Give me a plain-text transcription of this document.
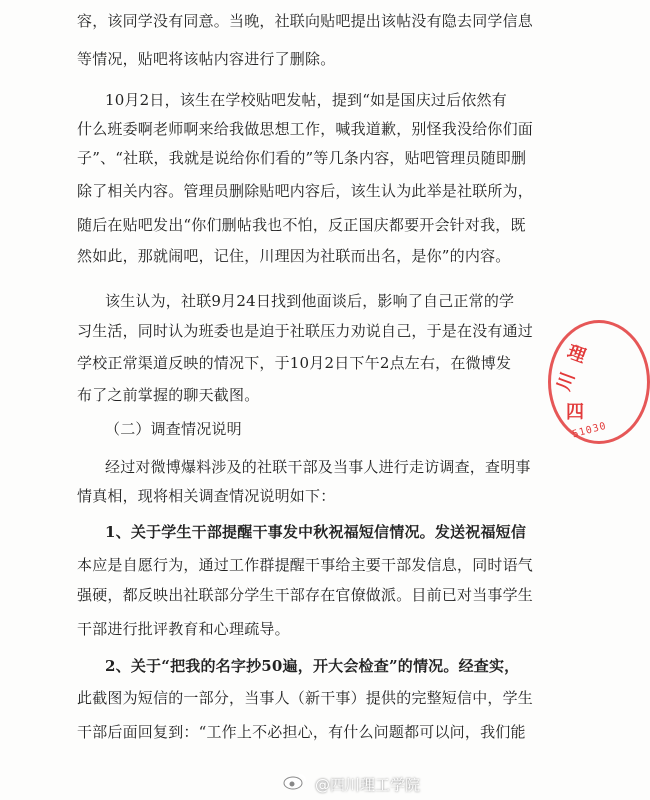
容，该同学没有同意。当晚，社联向贴吧提出该帖没有隐去同学信息
等情况，贴吧将该帖内容进行了删除。
10月2日，该生在学校贴吧发帖，提到“如是国庆过后依然有
什么班委啊老师啊来给我做思想工作，喊我道歉，别怪我没给你们面
子”、“社联，我就是说给你们看的”等几条内容，贴吧管理员随即删
除了相关内容。管理员删除贴吧内容后，该生认为此举是社联所为，
随后在贴吧发出“你们删帖我也不怕，反正国庆都要开会针对我，既
然如此，那就闹吧，记住，川理因为社联而出名，是你”的内容。
该生认为，社联9月24日找到他面谈后，影响了自己正常的学
习生活，同时认为班委也是迫于社联压力劝说自己，于是在没有通过
学校正常渠道反映的情况下，于10月2日下午2点左右，在微博发
布了之前掌握的聊天截图。
（二）调查情况说明
经过对微博爆料涉及的社联干部及当事人进行走访调查，查明事
情真相，现将相关调查情况说明如下：
1、关于学生干部提醒干事发中秋祝福短信情况。发送祝福短信
本应是自愿行为，通过工作群提醒干事给主要干部发信息，同时语气
强硬，都反映出社联部分学生干部存在官僚做派。目前已对当事学生
干部进行批评教育和心理疏导。
2、关于“把我的名字抄50遍，开大会检查”的情况。经查实，
此截图为短信的一部分，当事人（新干事）提供的完整短信中，学生
干部后面回复到：“工作上不必担心，有什么问题都可以问，我们能
理
川
四
51030
@四川理工学院
